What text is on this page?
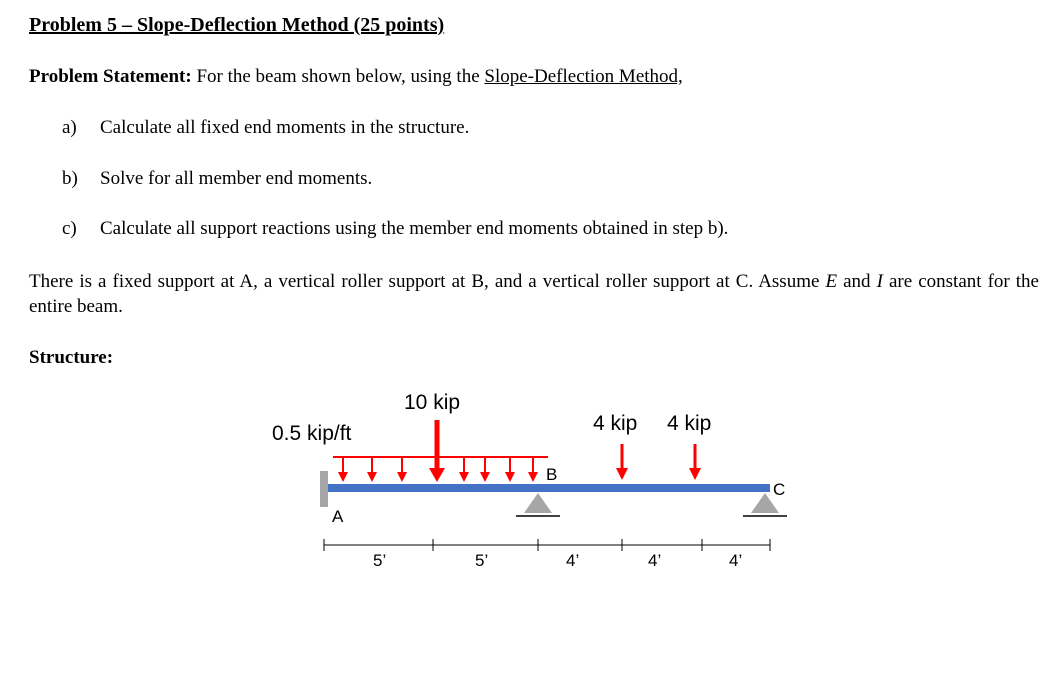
Problem 5 – Slope-Deflection Method (25 points)
Problem Statement: For the beam shown below, using the Slope-Deflection Method,
a) Calculate all fixed end moments in the structure.
b) Solve for all member end moments.
c) Calculate all support reactions using the member end moments obtained in step b).
There is a fixed support at A, a vertical roller support at B, and a vertical roller support at C. Assume E and I are constant for the entire beam.
Structure:
0.5 kip/ft
10 kip
4 kip 4 kip
A
B
C
5’	5’	4’	4’	4’
